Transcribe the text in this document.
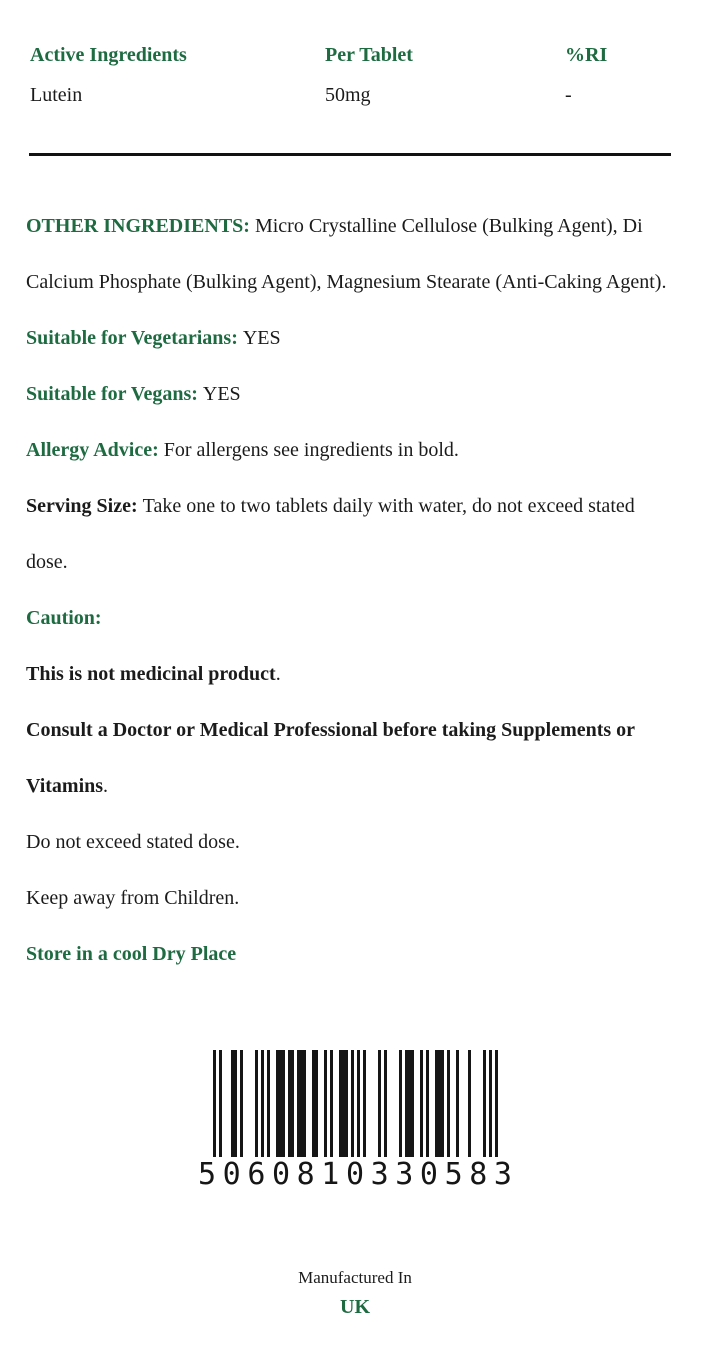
Active Ingredients	Per Tablet	%RI
Lutein	50mg	-
OTHER INGREDIENTS: Micro Crystalline Cellulose (Bulking Agent), Di
Calcium Phosphate (Bulking Agent), Magnesium Stearate (Anti-Caking Agent).
Suitable for Vegetarians: YES
Suitable for Vegans: YES
Allergy Advice: For allergens see ingredients in bold.
Serving Size: Take one to two tablets daily with water, do not exceed stated
dose.
Caution:
This is not medicinal product.
Consult a Doctor or Medical Professional before taking Supplements or
Vitamins.
Do not exceed stated dose.
Keep away from Children.
Store in a cool Dry Place
5 0 6 0 8 1 0 3 3 0 5 8 3
Manufactured In
UK
